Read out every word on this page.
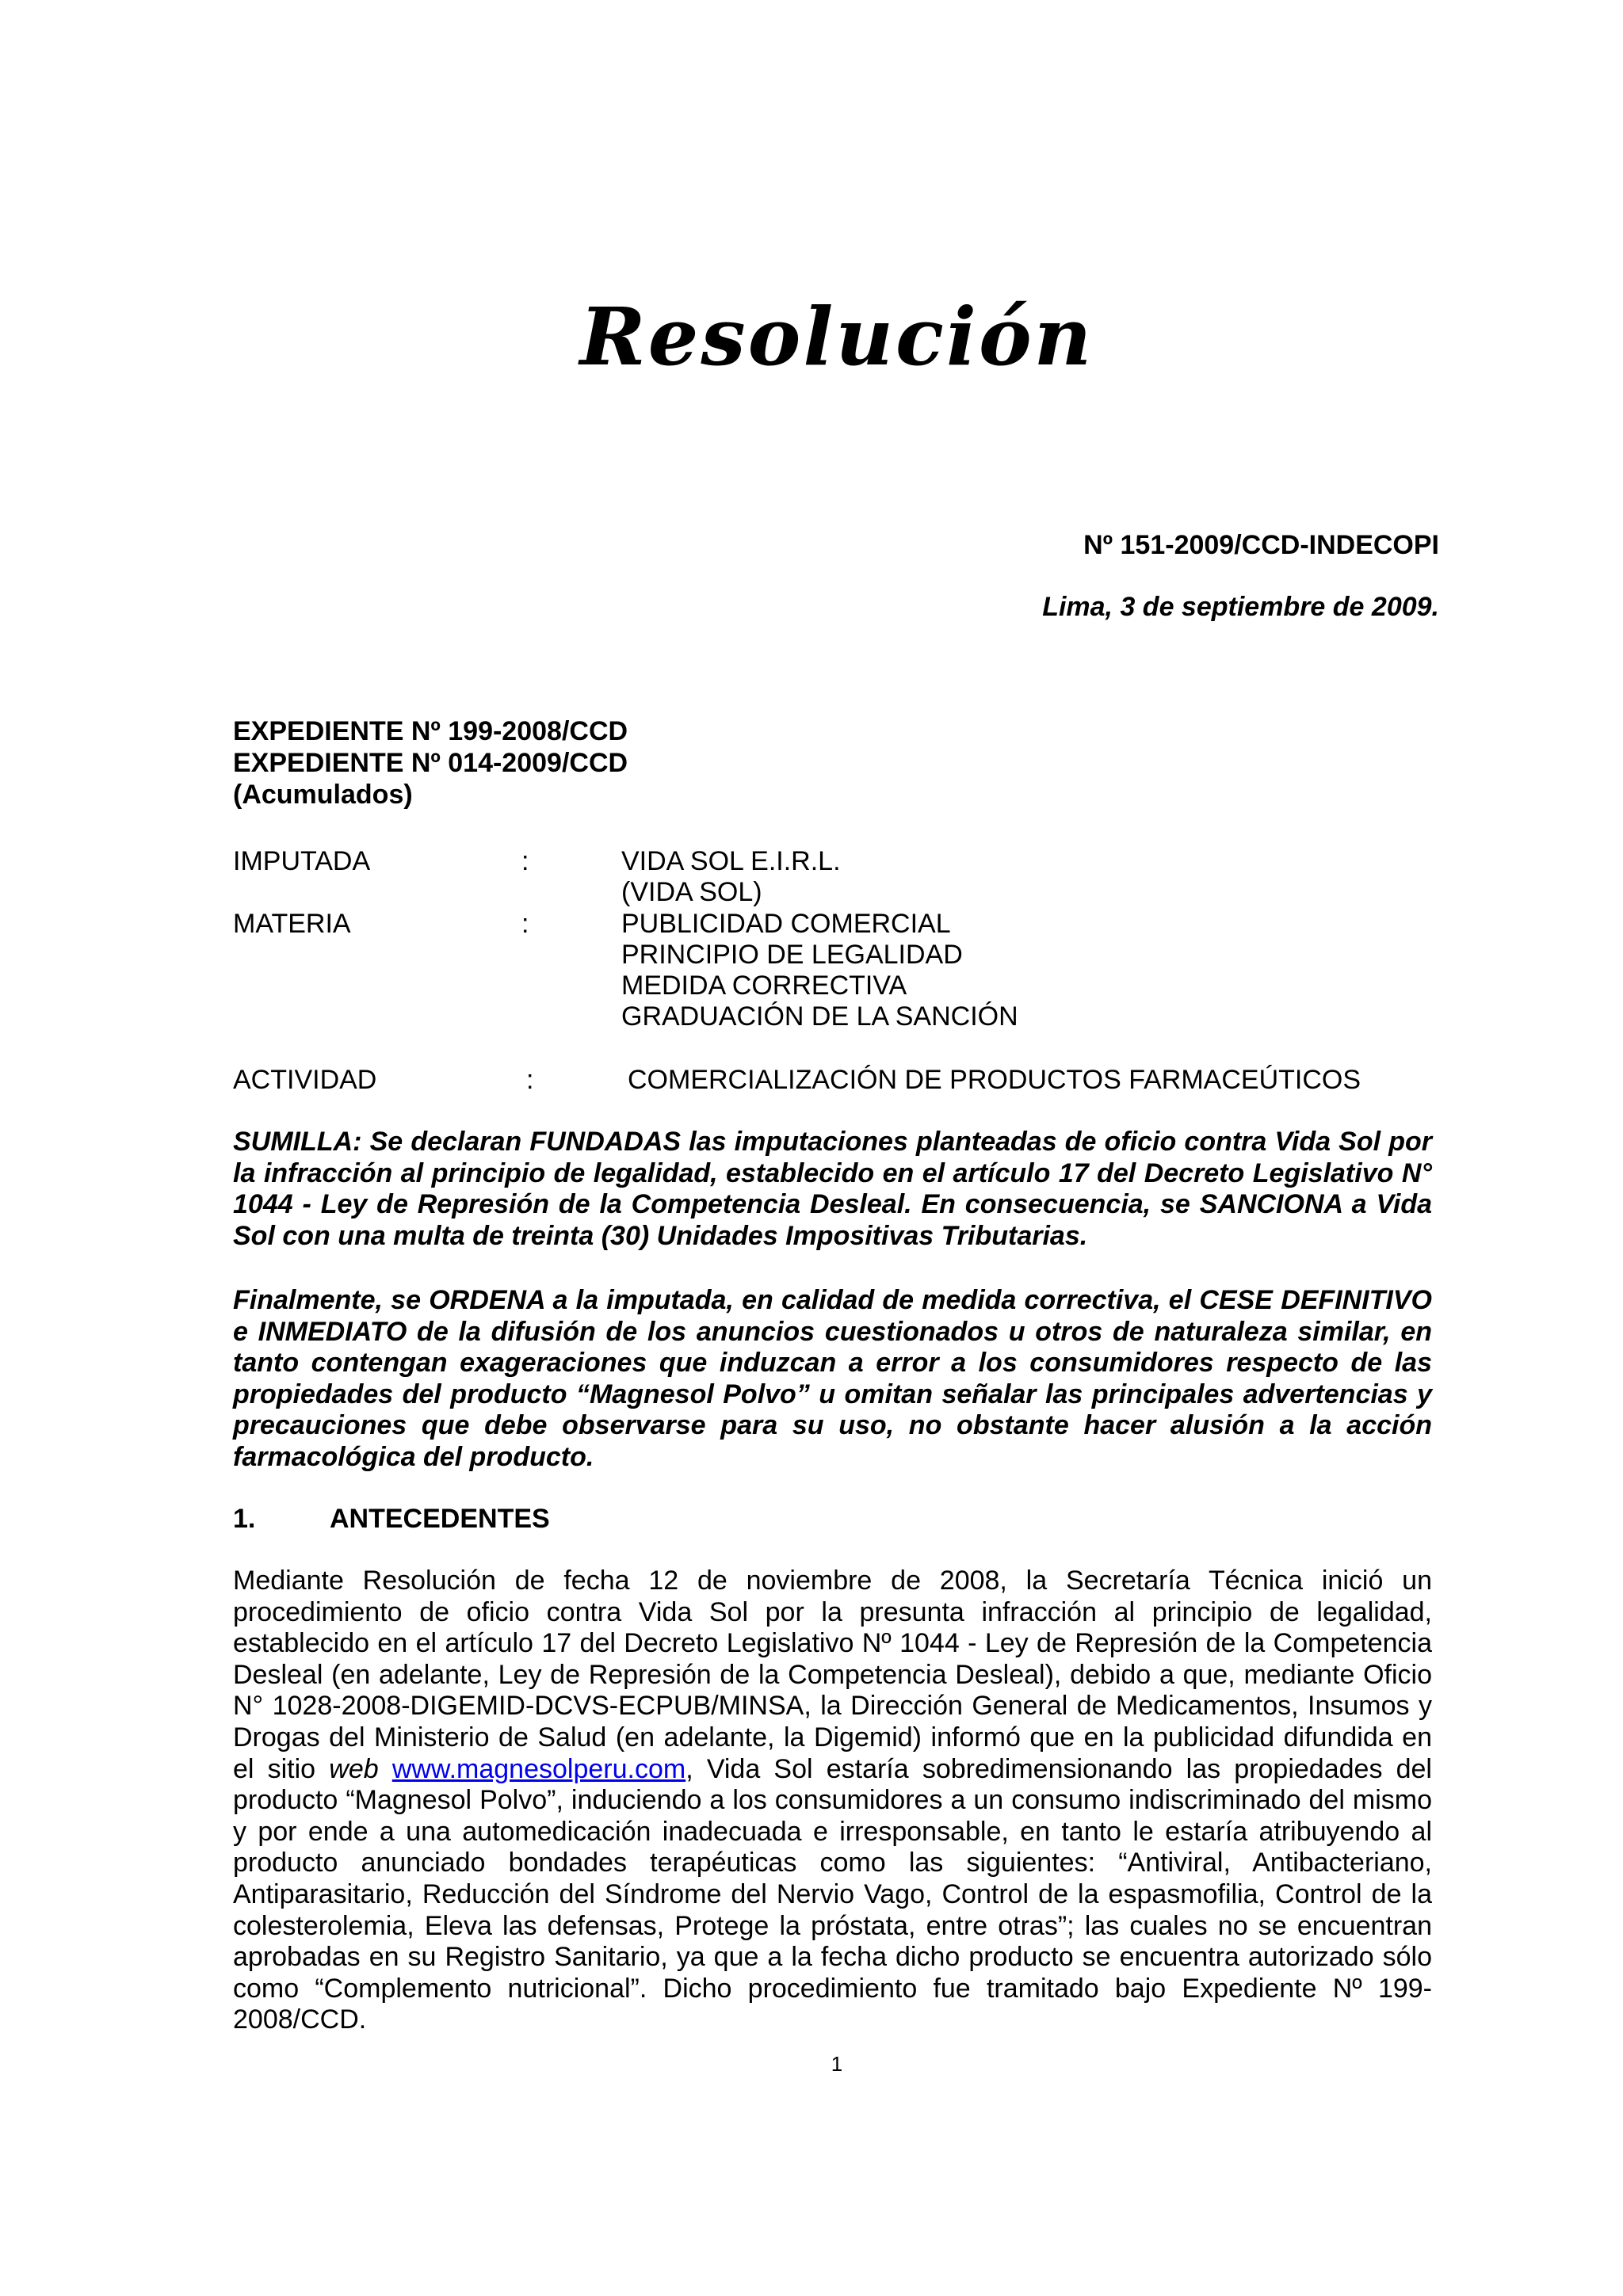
Resolución
Nº 151-2009/CCD-INDECOPI
Lima, 3 de septiembre de 2009.
EXPEDIENTE Nº 199-2008/CCD
EXPEDIENTE Nº 014-2009/CCD
(Acumulados)
IMPUTADA	:	VIDA SOL E.I.R.L.
(VIDA SOL)
MATERIA	:	PUBLICIDAD COMERCIAL
PRINCIPIO DE LEGALIDAD
MEDIDA CORRECTIVA
GRADUACIÓN DE LA SANCIÓN
ACTIVIDAD	:	COMERCIALIZACIÓN DE PRODUCTOS FARMACEÚTICOS
SUMILLA: Se declaran FUNDADAS las imputaciones planteadas de oficio contra Vida Sol por la infracción al principio de legalidad, establecido en el artículo 17 del Decreto Legislativo N° 1044 - Ley de Represión de la Competencia Desleal. En consecuencia, se SANCIONA a Vida Sol con una multa de treinta (30) Unidades Impositivas Tributarias.
Finalmente, se ORDENA a la imputada, en calidad de medida correctiva, el CESE DEFINITIVO e INMEDIATO de la difusión de los anuncios cuestionados u otros de naturaleza similar, en tanto contengan exageraciones que induzcan a error a los consumidores respecto de las propiedades del producto “Magnesol Polvo” u omitan señalar las principales advertencias y precauciones que debe observarse para su uso, no obstante hacer alusión a la acción farmacológica del producto.
1.	ANTECEDENTES
Mediante Resolución de fecha 12 de noviembre de 2008, la Secretaría Técnica inició un procedimiento de oficio contra Vida Sol por la presunta infracción al principio de legalidad, establecido en el artículo 17 del Decreto Legislativo Nº 1044 - Ley de Represión de la Competencia Desleal (en adelante, Ley de Represión de la Competencia Desleal), debido a que, mediante Oficio N° 1028-2008-DIGEMID-DCVS-ECPUB/MINSA, la Dirección General de Medicamentos, Insumos y Drogas del Ministerio de Salud (en adelante, la Digemid) informó que en la publicidad difundida en el sitio web www.magnesolperu.com, Vida Sol estaría sobredimensionando las propiedades del producto “Magnesol Polvo”, induciendo a los consumidores a un consumo indiscriminado del mismo y por ende a una automedicación inadecuada e irresponsable, en tanto le estaría atribuyendo al producto anunciado bondades terapéuticas como las siguientes: “Antiviral, Antibacteriano, Antiparasitario, Reducción del Síndrome del Nervio Vago, Control de la espasmofilia, Control de la colesterolemia, Eleva las defensas, Protege la próstata, entre otras”; las cuales no se encuentran aprobadas en su Registro Sanitario, ya que a la fecha dicho producto se encuentra autorizado sólo como “Complemento nutricional”. Dicho procedimiento fue tramitado bajo Expediente Nº 199-2008/CCD.
1
